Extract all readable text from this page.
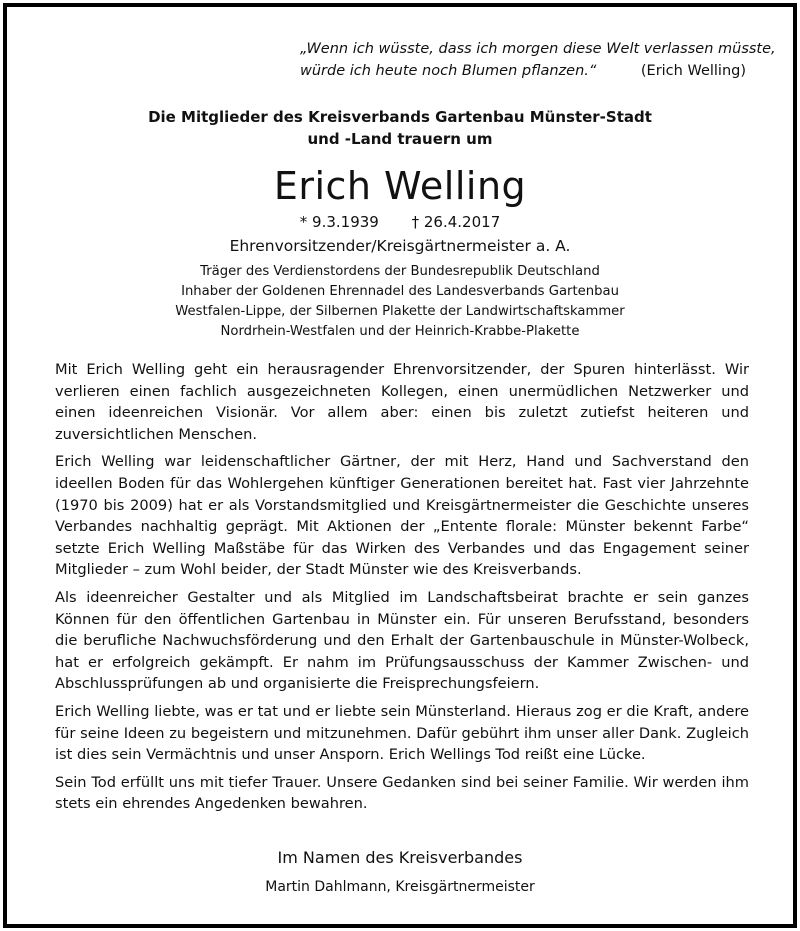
„Wenn ich wüsste, dass ich morgen diese Welt verlassen müsste,
würde ich heute noch Blumen pflanzen.“	(Erich Welling)
Die Mitglieder des Kreisverbands Gartenbau Münster-Stadt
und -Land trauern um
Erich Welling
* 9.3.1939 † 26.4.2017
Ehrenvorsitzender/Kreisgärtnermeister a. A.
Träger des Verdienstordens der Bundesrepublik Deutschland
Inhaber der Goldenen Ehrennadel des Landesverbands Gartenbau
Westfalen-Lippe, der Silbernen Plakette der Landwirtschaftskammer
Nordrhein-Westfalen und der Heinrich-Krabbe-Plakette

Mit Erich Welling geht ein herausragender Ehrenvorsitzender, der Spuren hinterlässt. Wir verlieren einen fachlich ausgezeichneten Kollegen, einen unermüdlichen Netzwerker und einen ideenreichen Visionär. Vor allem aber: einen bis zuletzt zutiefst heiteren und zuversichtlichen Menschen.

Erich Welling war leidenschaftlicher Gärtner, der mit Herz, Hand und Sachverstand den ideellen Boden für das Wohlergehen künftiger Generationen bereitet hat. Fast vier Jahrzehnte (1970 bis 2009) hat er als Vorstandsmitglied und Kreisgärtnermeister die Geschichte unseres Verbandes nachhaltig geprägt. Mit Aktionen der „Entente florale: Münster bekennt Farbe“ setzte Erich Welling Maßstäbe für das Wirken des Verbandes und das Engagement seiner Mitglieder – zum Wohl beider, der Stadt Münster wie des Kreisverbands.

Als ideenreicher Gestalter und als Mitglied im Landschaftsbeirat brachte er sein ganzes Können für den öffentlichen Gartenbau in Münster ein. Für unseren Berufsstand, besonders die berufliche Nachwuchsförderung und den Erhalt der Gartenbauschule in Münster-Wolbeck, hat er erfolgreich gekämpft. Er nahm im Prüfungsausschuss der Kammer Zwischen- und Abschlussprüfungen ab und organisierte die Freisprechungsfeiern.

Erich Welling liebte, was er tat und er liebte sein Münsterland. Hieraus zog er die Kraft, andere für seine Ideen zu begeistern und mitzunehmen. Dafür gebührt ihm unser aller Dank. Zugleich ist dies sein Vermächtnis und unser Ansporn. Erich Wellings Tod reißt eine Lücke.

Sein Tod erfüllt uns mit tiefer Trauer. Unsere Gedanken sind bei seiner Familie. Wir werden ihm stets ein ehrendes Angedenken bewahren.

Im Namen des Kreisverbandes
Martin Dahlmann, Kreisgärtnermeister
